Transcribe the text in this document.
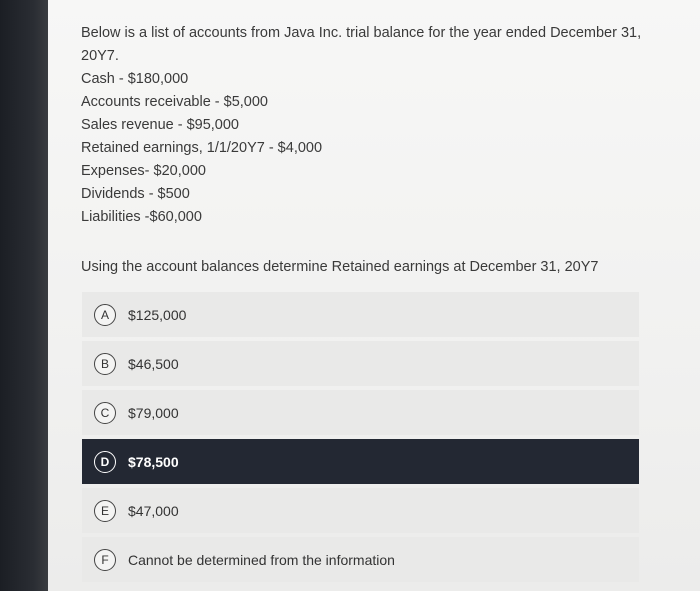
Below is a list of accounts from Java Inc. trial balance for the year ended December 31, 20Y7.
Cash - $180,000
Accounts receivable - $5,000
Sales revenue - $95,000
Retained earnings, 1/1/20Y7 - $4,000
Expenses- $20,000
Dividends - $500
Liabilities -$60,000
Using the account balances determine Retained earnings at December 31, 20Y7
A	$125,000
B	$46,500
C	$79,000
D	$78,500
E	$47,000
F	Cannot be determined from the information
